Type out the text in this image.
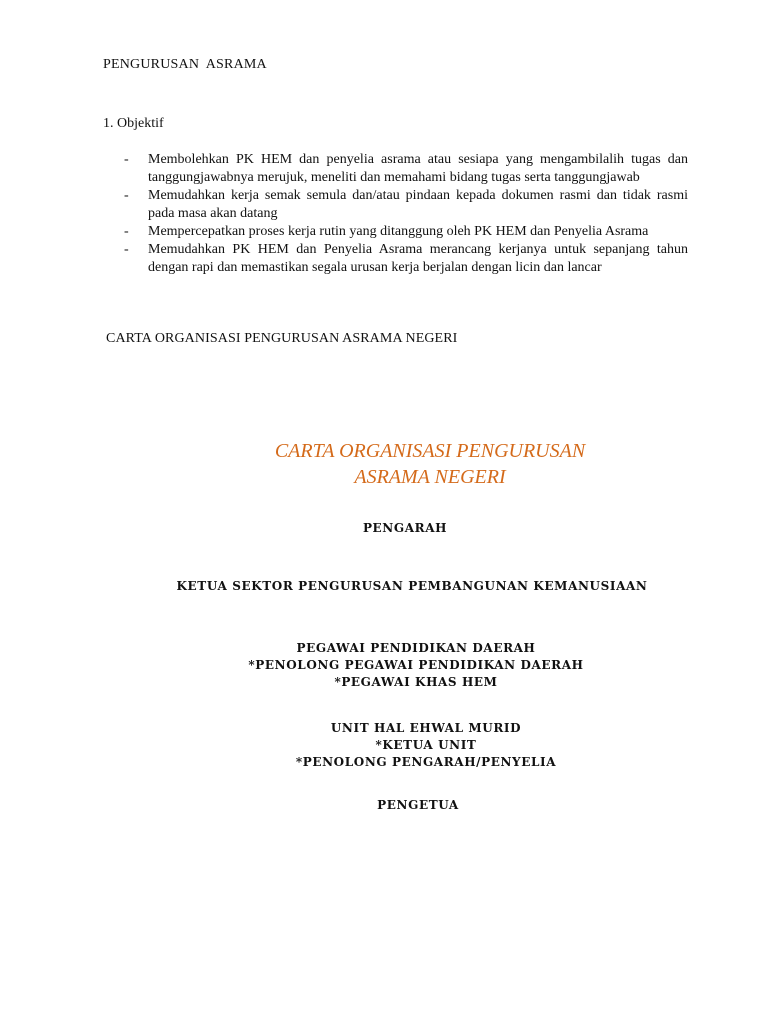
PENGURUSAN  ASRAMA
1. Objektif
- Membolehkan PK HEM dan penyelia asrama atau sesiapa yang mengambilalih tugas dan tanggungjawabnya merujuk, meneliti dan memahami bidang tugas serta tanggungjawab
- Memudahkan kerja semak semula dan/atau pindaan kepada dokumen rasmi dan tidak rasmi pada masa akan datang
- Mempercepatkan proses kerja rutin yang ditanggung oleh PK HEM dan Penyelia Asrama
- Memudahkan PK HEM dan Penyelia Asrama merancang kerjanya untuk sepanjang tahun dengan rapi dan memastikan segala urusan kerja berjalan dengan licin dan lancar
CARTA ORGANISASI PENGURUSAN ASRAMA NEGERI
CARTA ORGANISASI PENGURUSAN
ASRAMA NEGERI
PENGARAH
KETUA SEKTOR PENGURUSAN PEMBANGUNAN KEMANUSIAAN
PEGAWAI PENDIDIKAN DAERAH
*PENOLONG PEGAWAI PENDIDIKAN DAERAH
*PEGAWAI KHAS HEM
UNIT HAL EHWAL MURID
*KETUA UNIT
*PENOLONG PENGARAH/PENYELIA
PENGETUA
